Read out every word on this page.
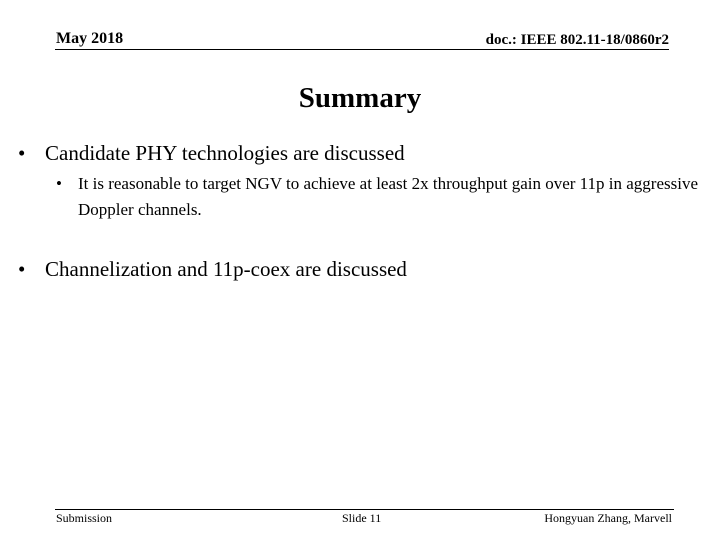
May 2018	doc.: IEEE 802.11-18/0860r2
Summary
• Candidate PHY technologies are discussed
• It is reasonable to target NGV to achieve at least 2x throughput gain over 11p in aggressive Doppler channels.
• Channelization and 11p-coex are discussed
Submission	Slide 11	Hongyuan Zhang, Marvell
